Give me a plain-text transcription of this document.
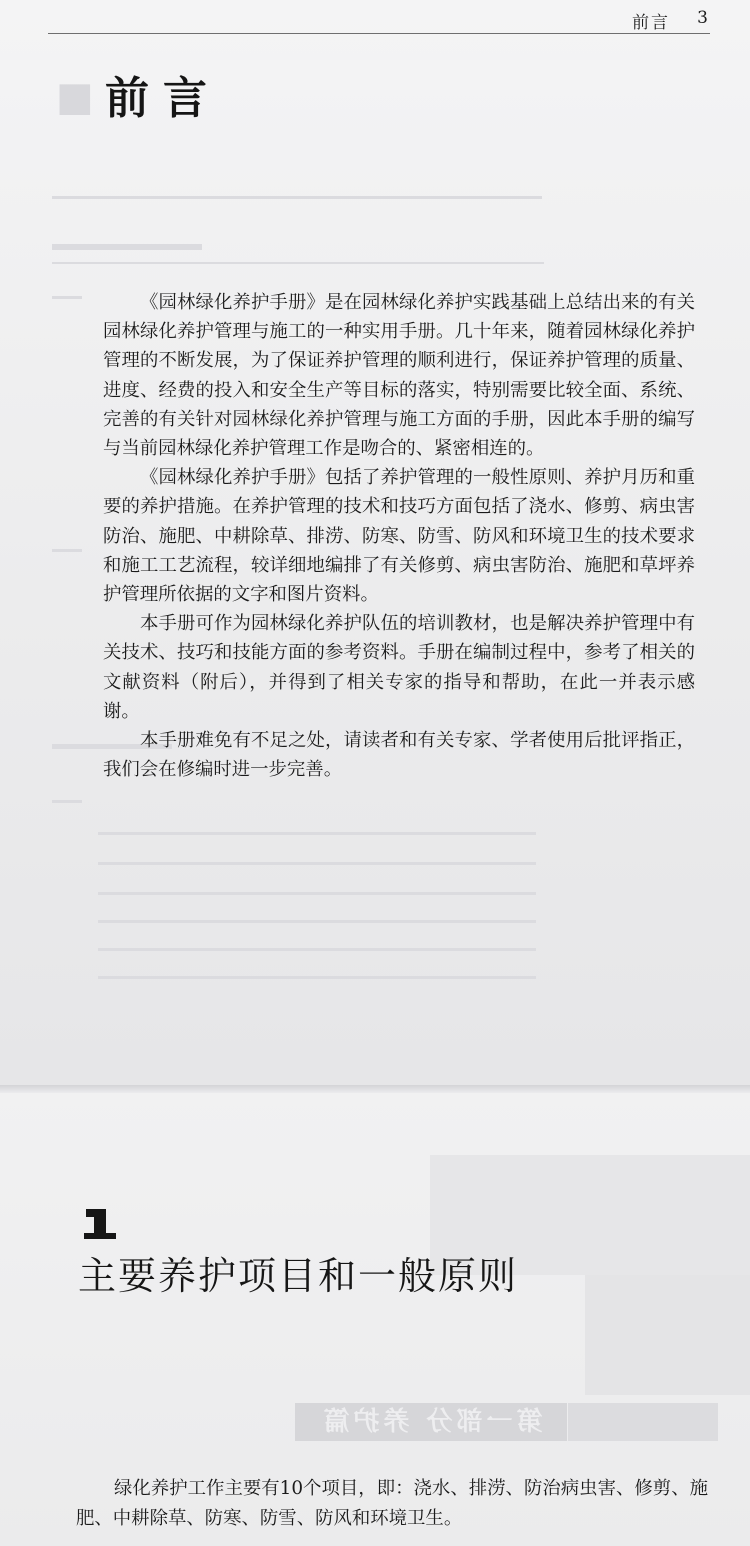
前言 3
■ 前言

《园林绿化养护手册》是在园林绿化养护实践基础上总结出来的有关园林绿化养护管理与施工的一种实用手册。几十年来，随着园林绿化养护管理的不断发展，为了保证养护管理的顺利进行，保证养护管理的质量、进度、经费的投入和安全生产等目标的落实，特别需要比较全面、系统、完善的有关针对园林绿化养护管理与施工方面的手册，因此本手册的编写与当前园林绿化养护管理工作是吻合的、紧密相连的。

《园林绿化养护手册》包括了养护管理的一般性原则、养护月历和重要的养护措施。在养护管理的技术和技巧方面包括了浇水、修剪、病虫害防治、施肥、中耕除草、排涝、防寒、防雪、防风和环境卫生的技术要求和施工工艺流程，较详细地编排了有关修剪、病虫害防治、施肥和草坪养护管理所依据的文字和图片资料。

本手册可作为园林绿化养护队伍的培训教材，也是解决养护管理中有关技术、技巧和技能方面的参考资料。手册在编制过程中，参考了相关的文献资料（附后），并得到了相关专家的指导和帮助，在此一并表示感谢。

本手册难免有不足之处，请读者和有关专家、学者使用后批评指正，我们会在修编时进一步完善。

主要养护项目和一般原则
第一部分 养护篇

绿化养护工作主要有10个项目，即：浇水、排涝、防治病虫害、修剪、施肥、中耕除草、防寒、防雪、防风和环境卫生。
